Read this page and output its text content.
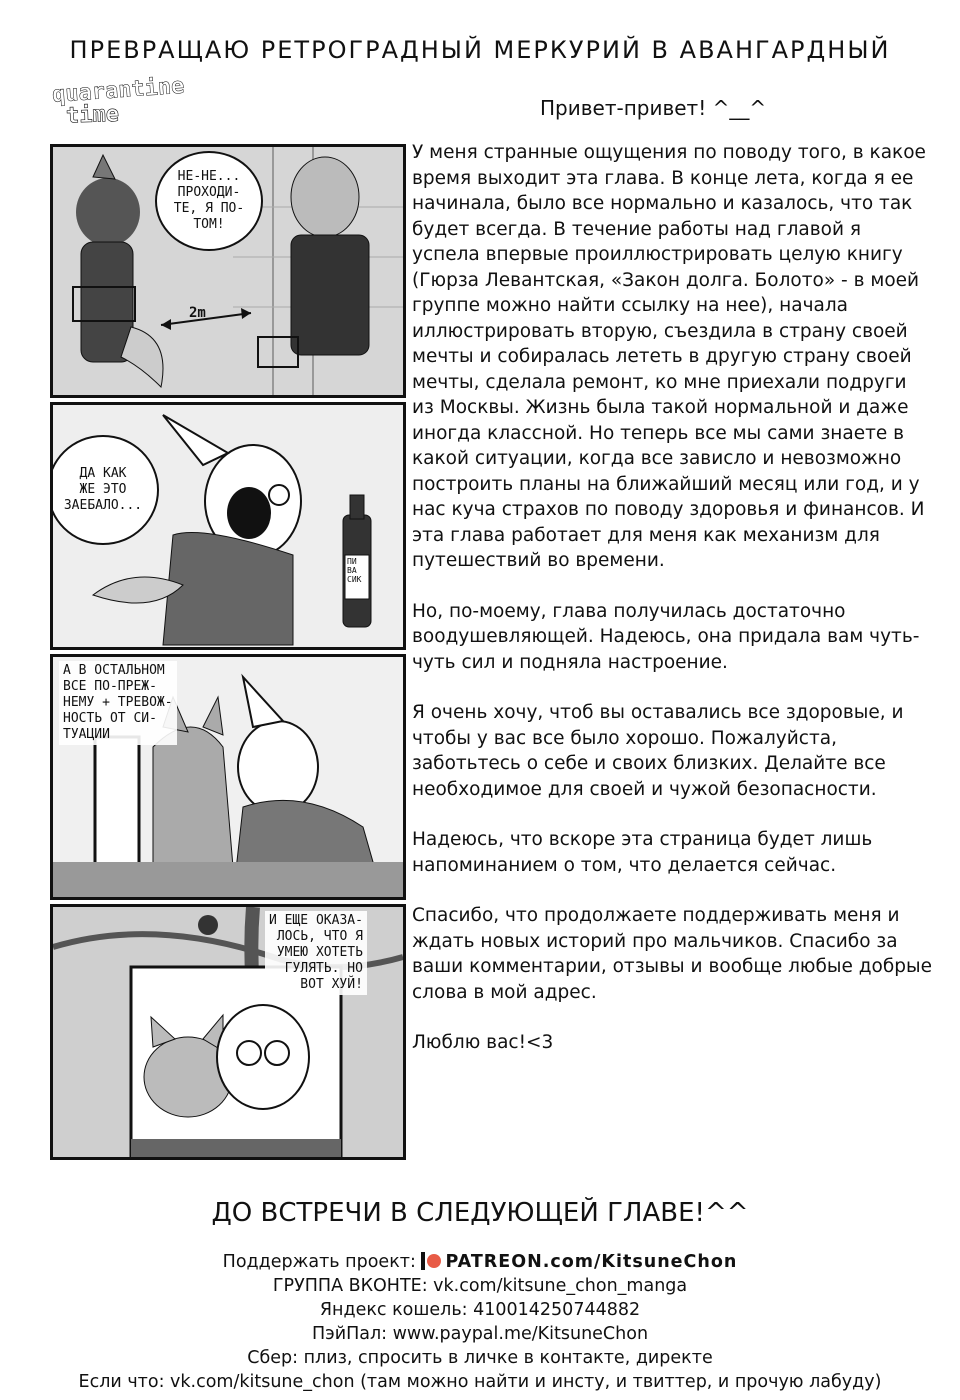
ПРЕВРАЩАЮ РЕТРОГРАДНЫЙ МЕРКУРИЙ В АВАНГАРДНЫЙ
quarantine
time	Привет-привет! ^__^
2m
НЕ-НЕ...
ПРОХОДИ-
ТЕ, Я ПО-
ТОМ!
ПИ
ВА
СИК
ДА КАК
ЖЕ ЭТО
ЗАЕБАЛО...
А В ОСТАЛЬНОМ
ВСЕ ПО-ПРЕЖ-
НЕМУ + ТРЕВОЖ-
НОСТЬ ОТ СИ-
ТУАЦИИ
И ЕЩЕ ОКАЗА-
ЛОСЬ, ЧТО Я
УМЕЮ ХОТЕТЬ
ГУЛЯТЬ. НО
ВОТ ХУЙ!

У меня странные ощущения по поводу того, в какое время выходит эта глава. В конце лета, когда я ее начинала, было все нормально и казалось, что так будет всегда. В течение работы над главой я успела впервые проиллюстрировать целую книгу (Гюрза Левантская, «Закон долга. Болото» - в моей группе можно найти ссылку на нее), начала иллюстрировать вторую, съездила в страну своей мечты и собиралась лететь в другую страну своей мечты, сделала ремонт, ко мне приехали подруги из Москвы. Жизнь была такой нормальной и даже иногда классной. Но теперь все мы сами знаете в какой ситуации, когда все зависло и невозможно построить планы на ближайший месяц или год, и у нас куча страхов по поводу здоровья и финансов. И эта глава работает для меня как механизм для путешествий во времени.

Но, по-моему, глава получилась достаточно воодушевляющей. Надеюсь, она придала вам чуть-чуть сил и подняла настроение.

Я очень хочу, чтоб вы оставались все здоровые, и чтобы у вас все было хорошо. Пожалуйста, заботьтесь о себе и своих близких. Делайте все необходимое для своей и чужой безопасности.

Надеюсь, что вскоре эта страница будет лишь напоминанием о том, что делается сейчас.

Спасибо, что продолжаете поддерживать меня и ждать новых историй про мальчиков. Спасибо за ваши комментарии, отзывы и вообще любые добрые слова в мой адрес.

Люблю вас!<3

ДО ВСТРЕЧИ В СЛЕДУЮЩЕЙ ГЛАВЕ!^^
Поддержать проект: PATREON.com/KitsuneChon
ГРУППА ВКОНТЕ: vk.com/kitsune_chon_manga
Яндекс кошель: 410014250744882
ПэйПал: www.paypal.me/KitsuneChon
Сбер: плиз, спросить в личке в контакте, директе
Если что: vk.com/kitsune_chon (там можно найти и инсту, и твиттер, и прочую лабуду)
